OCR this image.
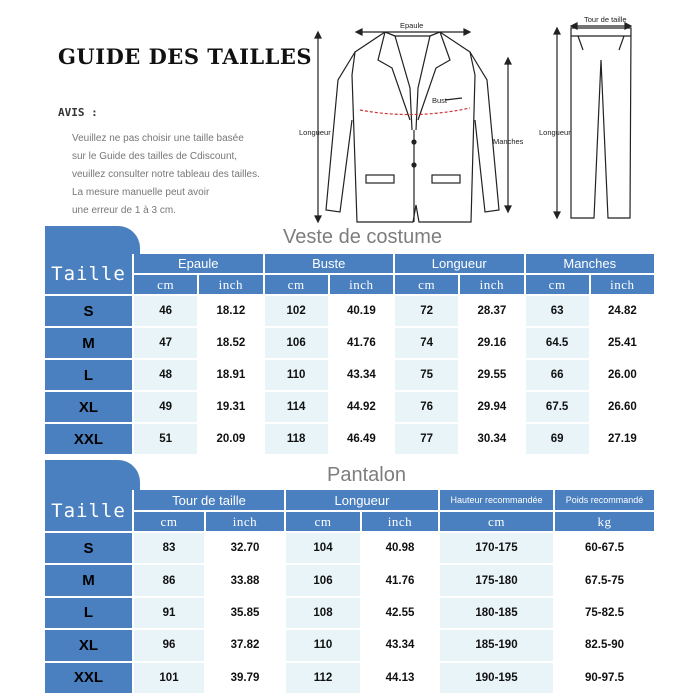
GUIDE DES TAILLES
AVIS :
Veuillez ne pas choisir une taille basée
sur le Guide des tailles de Cdiscount,
veuillez consulter notre tableau des tailles.
La mesure manuelle peut avoir
une erreur de 1 à 3 cm.
Epaule
Bust
Longueur
Manches
Tour de taille
Longueur
Veste de costume
Taille	Epaule	Buste	Longueur	Manches
cm	inch	cm	inch	cm	inch	cm	inch
S	46	18.12	102	40.19	72	28.37	63	24.82
M	47	18.52	106	41.76	74	29.16	64.5	25.41
L	48	18.91	110	43.34	75	29.55	66	26.00
XL	49	19.31	114	44.92	76	29.94	67.5	26.60
XXL	51	20.09	118	46.49	77	30.34	69	27.19
Pantalon
Taille	Tour de taille	Longueur	Hauteur recommandée	Poids recommandé
cm	inch	cm	inch	cm	kg
S	83	32.70	104	40.98	170-175	60-67.5
M	86	33.88	106	41.76	175-180	67.5-75
L	91	35.85	108	42.55	180-185	75-82.5
XL	96	37.82	110	43.34	185-190	82.5-90
XXL	101	39.79	112	44.13	190-195	90-97.5
